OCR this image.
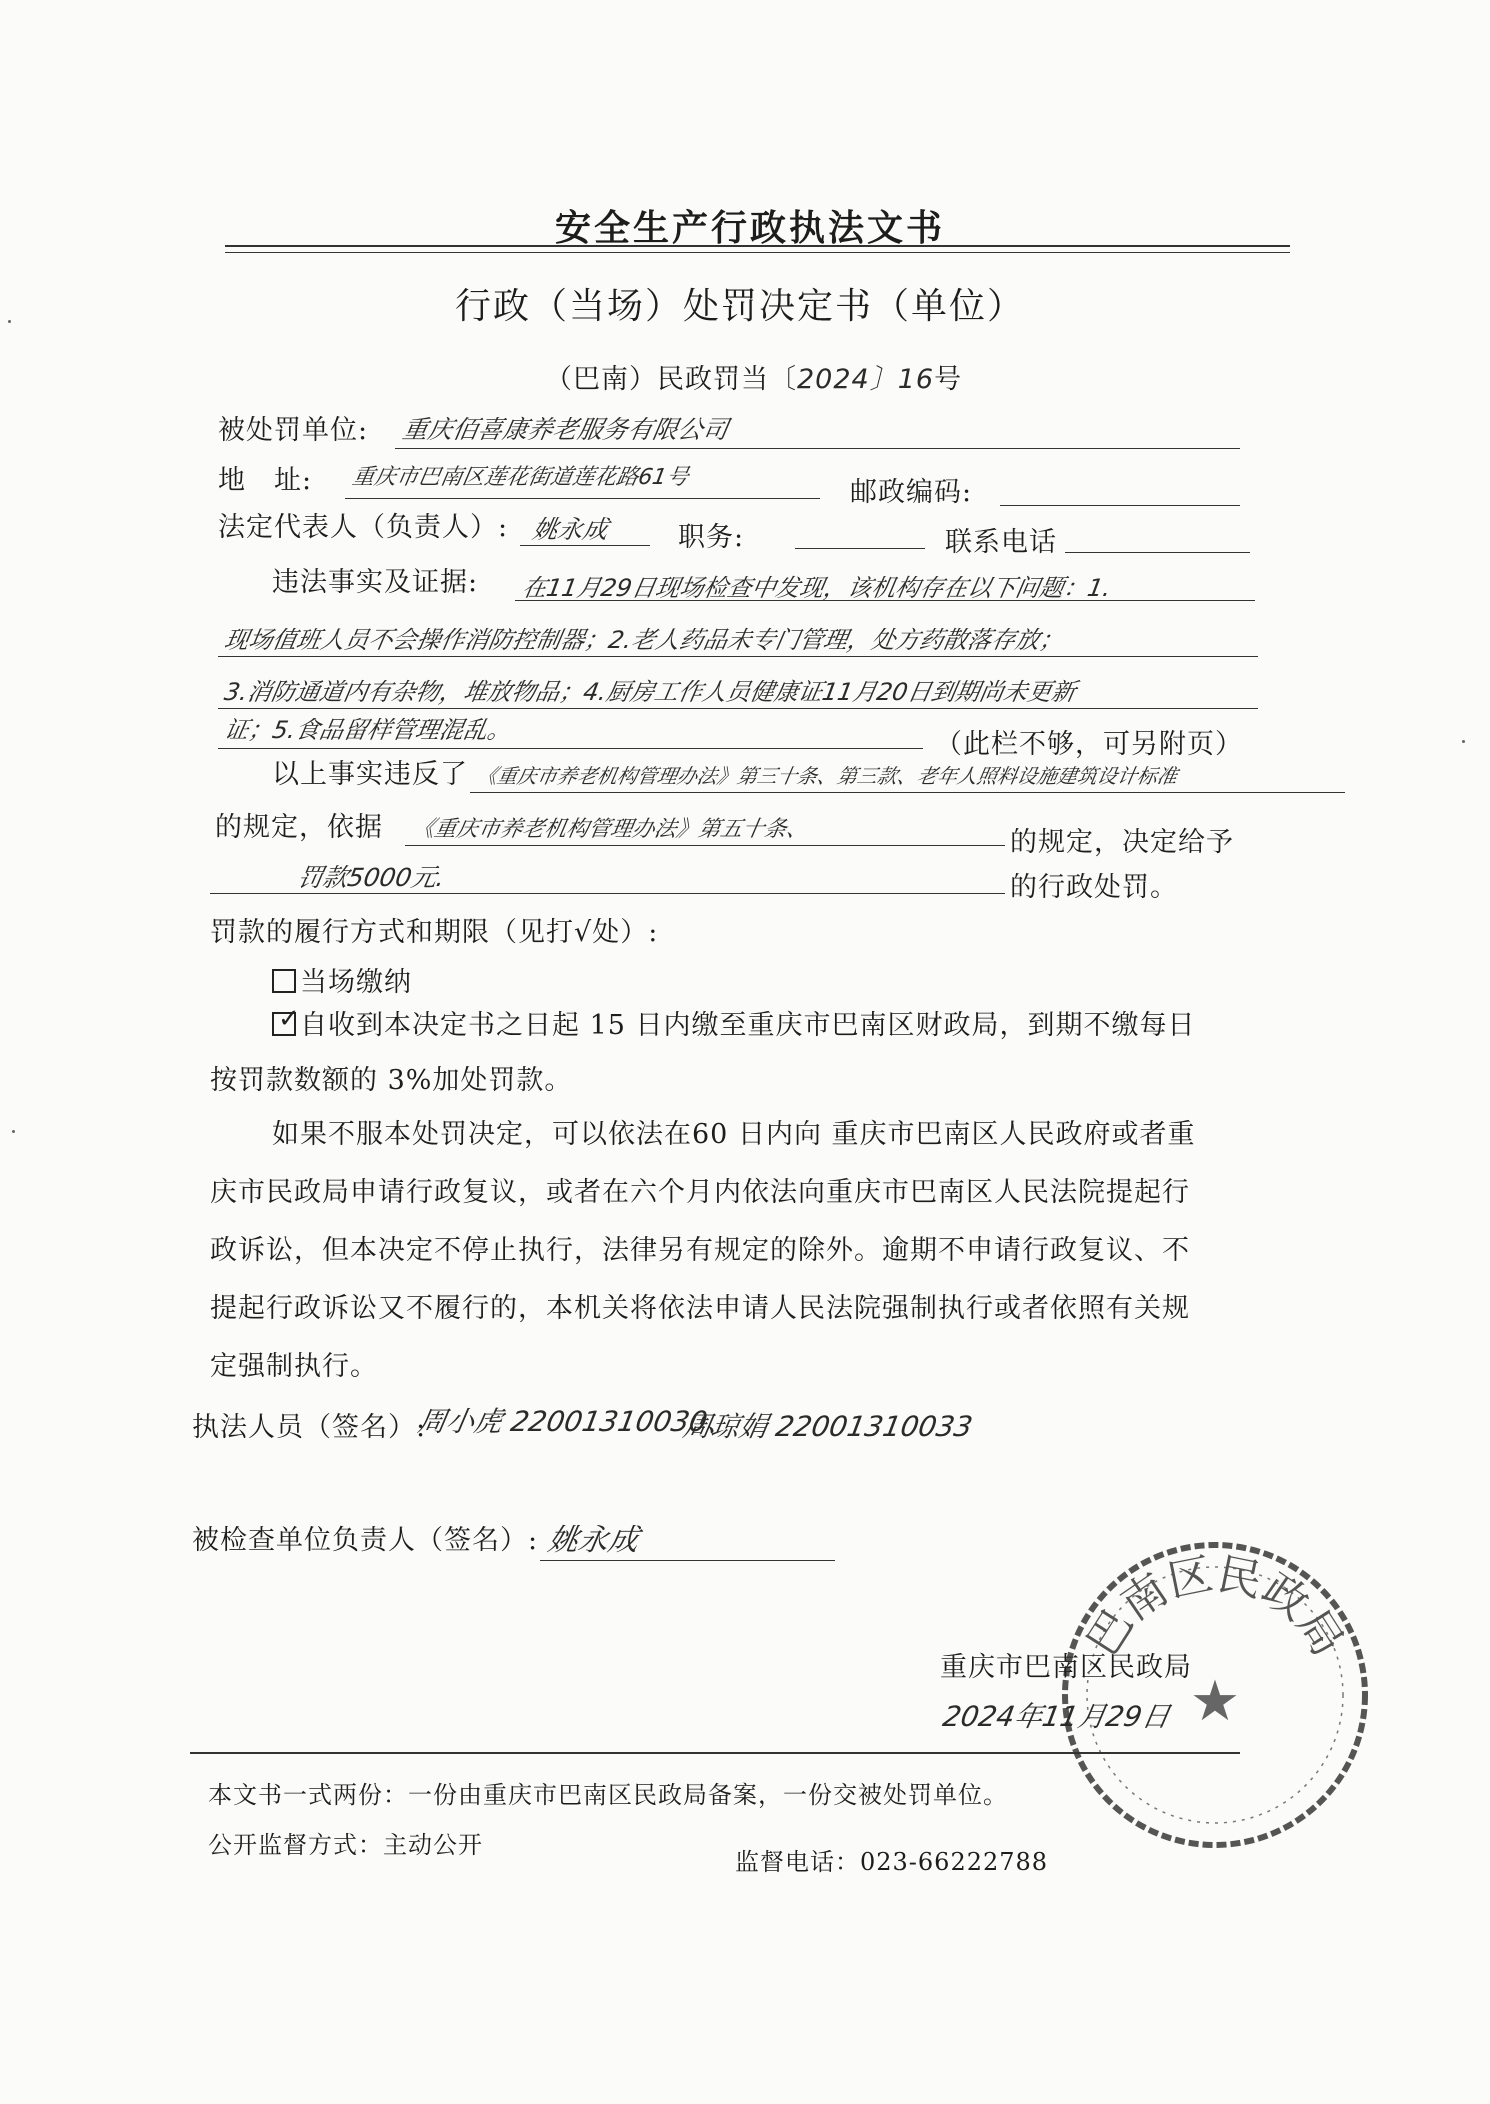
安全生产行政执法文书
行政（当场）处罚决定书（单位）
（巴南）民政罚当〔2024〕16号
被处罚单位: 重庆佰喜康养老服务有限公司
地　址: 重庆市巴南区莲花街道莲花路61号	邮政编码:
法定代表人（负责人）: 姚永成	职务:	联系电话
违法事实及证据: 在11月29日现场检查中发现，该机构存在以下问题：1.
现场值班人员不会操作消防控制器；2.老人药品未专门管理，处方药散落存放；
3.消防通道内有杂物，堆放物品；4.厨房工作人员健康证11月20日到期尚未更新
证；5.食品留样管理混乱。	（此栏不够，可另附页）
以上事实违反了 《重庆市养老机构管理办法》第三十条、第三款、老年人照料设施建筑设计标准
的规定，依据 《重庆市养老机构管理办法》第五十条、	的规定，决定给予
罚款5000元.	的行政处罚。
罚款的履行方式和期限（见打√处）:
当场缴纳
✓自收到本决定书之日起 15 日内缴至重庆市巴南区财政局，到期不缴每日
按罚款数额的 3%加处罚款。
如果不服本处罚决定，可以依法在60 日内向 重庆市巴南区人民政府或者重
庆市民政局申请行政复议，或者在六个月内依法向重庆市巴南区人民法院提起行
政诉讼，但本决定不停止执行，法律另有规定的除外。逾期不申请行政复议、不
提起行政诉讼又不履行的，本机关将依法申请人民法院强制执行或者依照有关规
定强制执行。
执法人员（签名）:
周小虎 22001310030、
周琼娟 22001310033
被检查单位负责人（签名）: 姚永成
巴南区民政局
★
重庆市巴南区民政局
2024年11月29日
本文书一式两份：一份由重庆市巴南区民政局备案，一份交被处罚单位。
公开监督方式：主动公开
监督电话：023-66222788
